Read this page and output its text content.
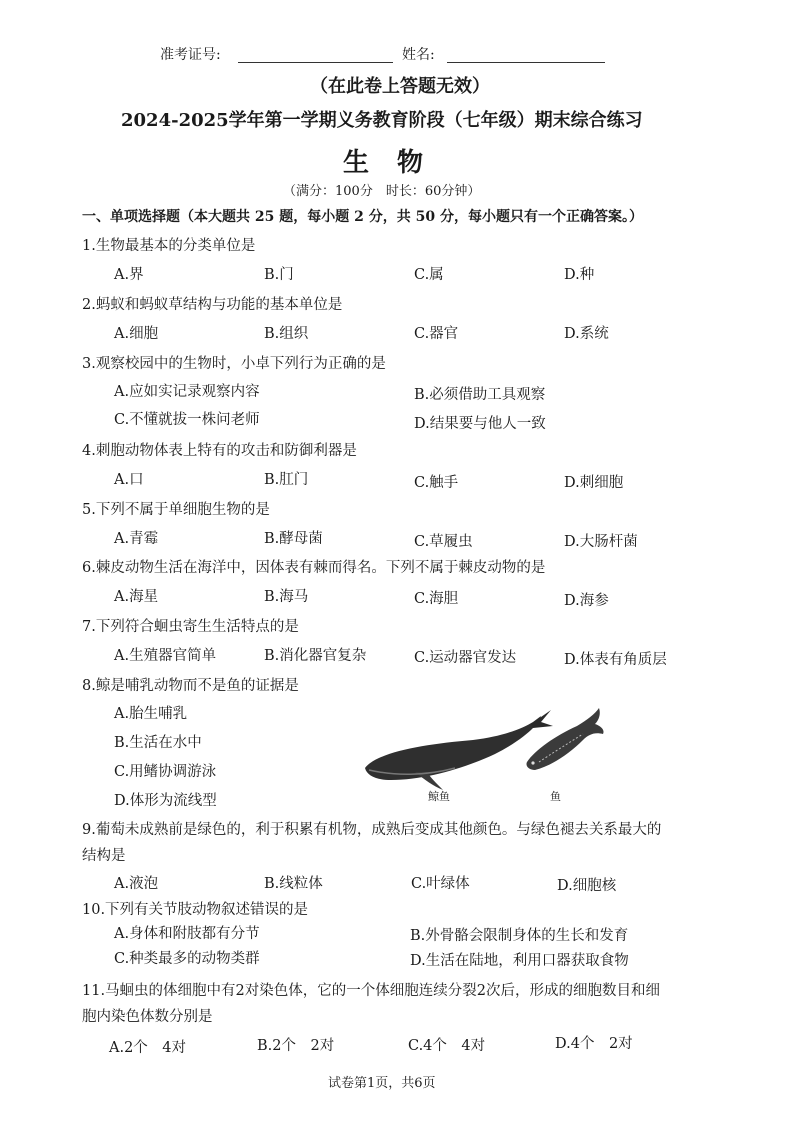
准考证号:	姓名:
（在此卷上答题无效）
2024-2025学年第一学期义务教育阶段（七年级）期末综合练习
生物
（满分：100分　时长：60分钟）
一、单项选择题（本大题共 25 题，每小题 2 分，共 50 分，每小题只有一个正确答案。）
1.生物最基本的分类单位是
A.界	B.门	C.属	D.种
2.蚂蚁和蚂蚁草结构与功能的基本单位是
A.细胞	B.组织	C.器官	D.系统
3.观察校园中的生物时，小卓下列行为正确的是
A.应如实记录观察内容	B.必须借助工具观察
C.不懂就拔一株问老师	D.结果要与他人一致
4.刺胞动物体表上特有的攻击和防御利器是
A.口	B.肛门	C.触手	D.刺细胞
5.下列不属于单细胞生物的是
A.青霉	B.酵母菌	C.草履虫	D.大肠杆菌
6.棘皮动物生活在海洋中，因体表有棘而得名。下列不属于棘皮动物的是
A.海星	B.海马	C.海胆	D.海参
7.下列符合蛔虫寄生生活特点的是
A.生殖器官简单	B.消化器官复杂	C.运动器官发达	D.体表有角质层
8.鲸是哺乳动物而不是鱼的证据是
A.胎生哺乳
B.生活在水中
C.用鳍协调游泳
D.体形为流线型	鲸鱼	鱼
9.葡萄未成熟前是绿色的，利于积累有机物，成熟后变成其他颜色。与绿色褪去关系最大的
结构是
A.液泡	B.线粒体	C.叶绿体	D.细胞核
10.下列有关节肢动物叙述错误的是
A.身体和附肢都有分节	B.外骨骼会限制身体的生长和发育
C.种类最多的动物类群	D.生活在陆地，利用口器获取食物
11.马蛔虫的体细胞中有2对染色体，它的一个体细胞连续分裂2次后，形成的细胞数目和细
胞内染色体数分别是
A.2个　4对	B.2个　2对	C.4个　4对	D.4个　2对
试卷第1页，共6页
